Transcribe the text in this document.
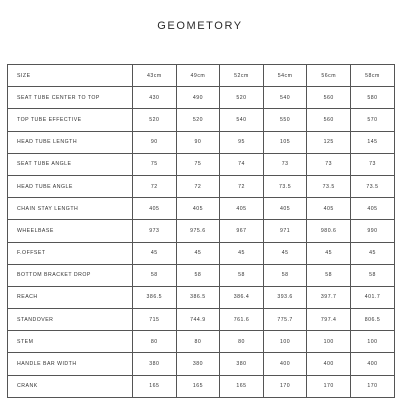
GEOMETORY
SIZE	43cm	49cm	52cm	54cm	56cm	58cm
SEAT TUBE CENTER TO TOP	430	490	520	540	560	580
TOP TUBE EFFECTIVE	520	520	540	550	560	570
HEAD TUBE LENGTH	90	90	95	105	125	145
SEAT TUBE ANGLE	75	75	74	73	73	73
HEAD TUBE ANGLE	72	72	72	73.5	73.5	73.5
CHAIN STAY LENGTH	405	405	405	405	405	405
WHEELBASE	973	975.6	967	971	980.6	990
F.OFFSET	45	45	45	45	45	45
BOTTOM BRACKET DROP	58	58	58	58	58	58
REACH	386.5	386.5	386.4	393.6	397.7	401.7
STANDOVER	715	744.9	761.6	775.7	797.4	806.5
STEM	80	80	80	100	100	100
HANDLE BAR WIDTH	380	380	380	400	400	400
CRANK	165	165	165	170	170	170
